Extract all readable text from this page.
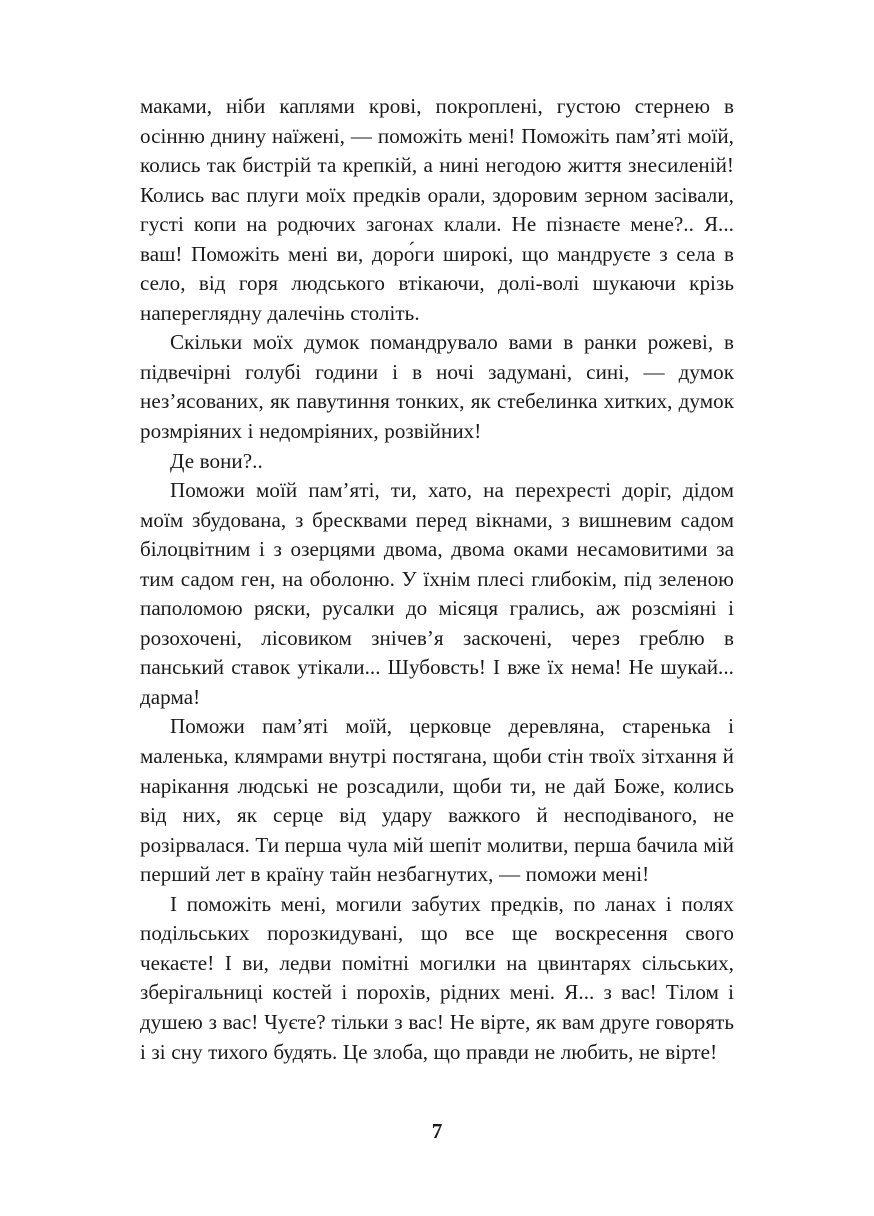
маками, ніби каплями крові, покроплені, густою стернею в осінню днину наїжені, — поможіть мені! Поможіть пам’яті моїй, колись так бистрій та крепкій, а нині негодою життя знесиленій! Колись вас плуги моїх предків орали, здоровим зерном засівали, густі копи на родючих загонах клали. Не пізнаєте мене?.. Я... ваш! Поможіть мені ви, доро́ги широкі, що мандруєте з села в село, від горя людського втікаючи, долі-волі шукаючи крізь напереглядну далечінь століть.

Скільки моїх думок помандрувало вами в ранки рожеві, в підвечірні голубі години і в ночі задумані, сині, — думок нез’ясованих, як павутиння тонких, як стебелинка хитких, думок розмріяних і недомріяних, розвійних!

Де вони?..

Поможи моїй пам’яті, ти, хато, на перехресті доріг, дідом моїм збудована, з бресквами перед вікнами, з вишневим садом білоцвітним і з озерцями двома, двома оками несамовитими за тим садом ген, на оболоню. У їхнім плесі глибокім, під зеленою паполомою ряски, русалки до місяця грались, аж розсміяні і розохочені, лісовиком знічев’я заскочені, через греблю в панський ставок утікали... Шубовсть! І вже їх нема! Не шукай... дарма!

Поможи пам’яті моїй, церковце деревляна, старенька і маленька, клямрами внутрі постягана, щоби стін твоїх зітхання й нарікання людські не розсадили, щоби ти, не дай Боже, колись від них, як серце від удару важкого й несподіваного, не розірвалася. Ти перша чула мій шепіт молитви, перша бачила мій перший лет в країну тайн незбагнутих, — поможи мені!

І поможіть мені, могили забутих предків, по ланах і полях подільських порозкидувані, що все ще воскресення свого чекаєте! І ви, ледви помітні могилки на цвинтарях сільських, зберігальниці костей і порохів, рідних мені. Я... з вас! Тілом і душею з вас! Чуєте? тільки з вас! Не вірте, як вам друге говорять і зі сну тихого будять. Це злоба, що правди не любить, не вірте!

7
